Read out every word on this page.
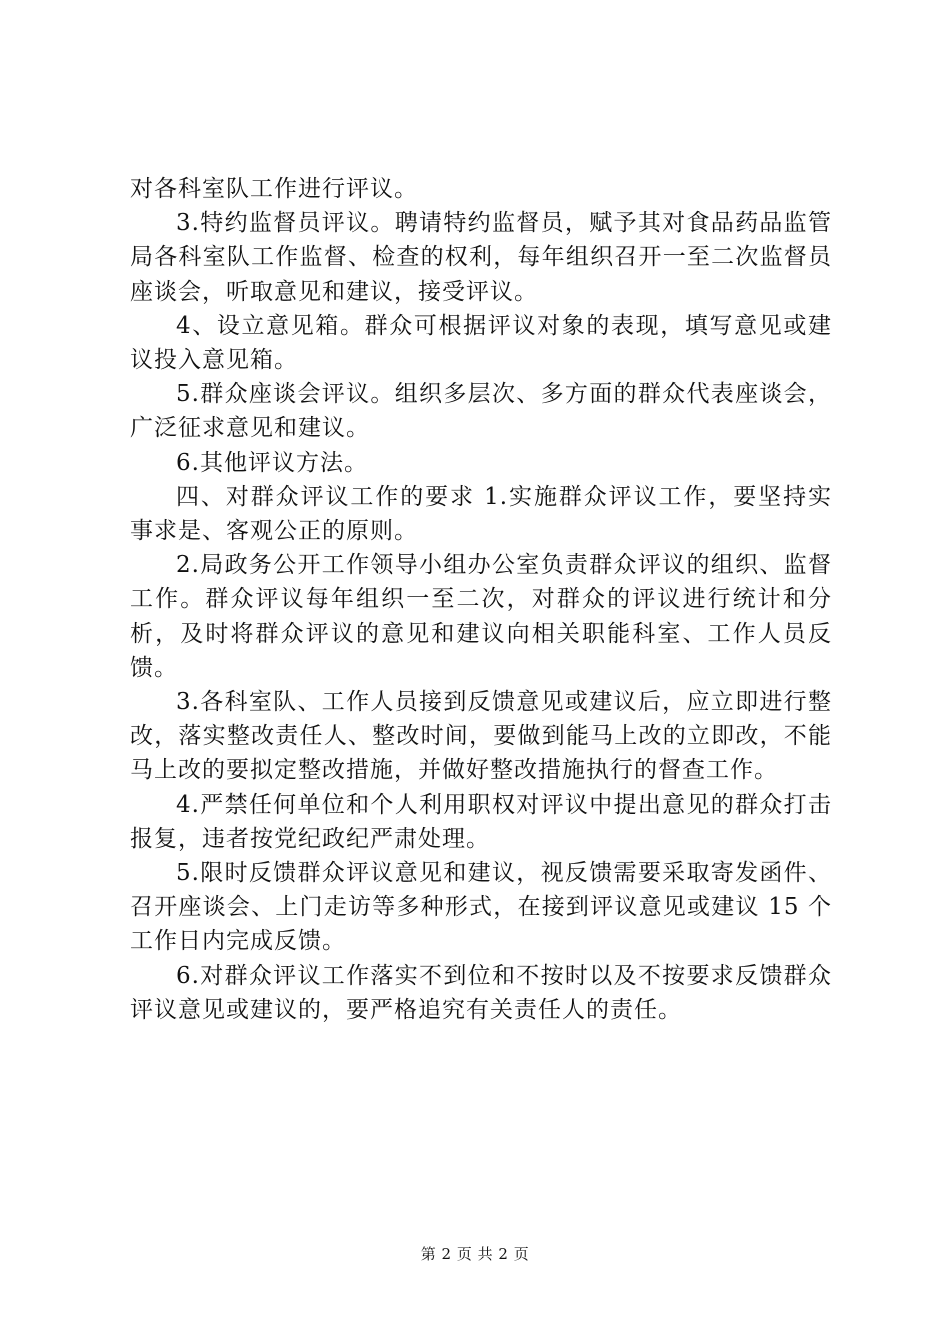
对各科室队工作进行评议。

3.特约监督员评议。聘请特约监督员，赋予其对食品药品监管局各科室队工作监督、检查的权利，每年组织召开一至二次监督员座谈会，听取意见和建议，接受评议。

4、设立意见箱。群众可根据评议对象的表现，填写意见或建议投入意见箱。

5.群众座谈会评议。组织多层次、多方面的群众代表座谈会，广泛征求意见和建议。

6.其他评议方法。

四、对群众评议工作的要求 1.实施群众评议工作，要坚持实事求是、客观公正的原则。

2.局政务公开工作领导小组办公室负责群众评议的组织、监督工作。群众评议每年组织一至二次，对群众的评议进行统计和分析，及时将群众评议的意见和建议向相关职能科室、工作人员反馈。

3.各科室队、工作人员接到反馈意见或建议后，应立即进行整改，落实整改责任人、整改时间，要做到能马上改的立即改，不能马上改的要拟定整改措施，并做好整改措施执行的督查工作。

4.严禁任何单位和个人利用职权对评议中提出意见的群众打击报复，违者按党纪政纪严肃处理。

5.限时反馈群众评议意见和建议，视反馈需要采取寄发函件、召开座谈会、上门走访等多种形式，在接到评议意见或建议 15 个工作日内完成反馈。

6.对群众评议工作落实不到位和不按时以及不按要求反馈群众评议意见或建议的，要严格追究有关责任人的责任。

第 2 页 共 2 页
